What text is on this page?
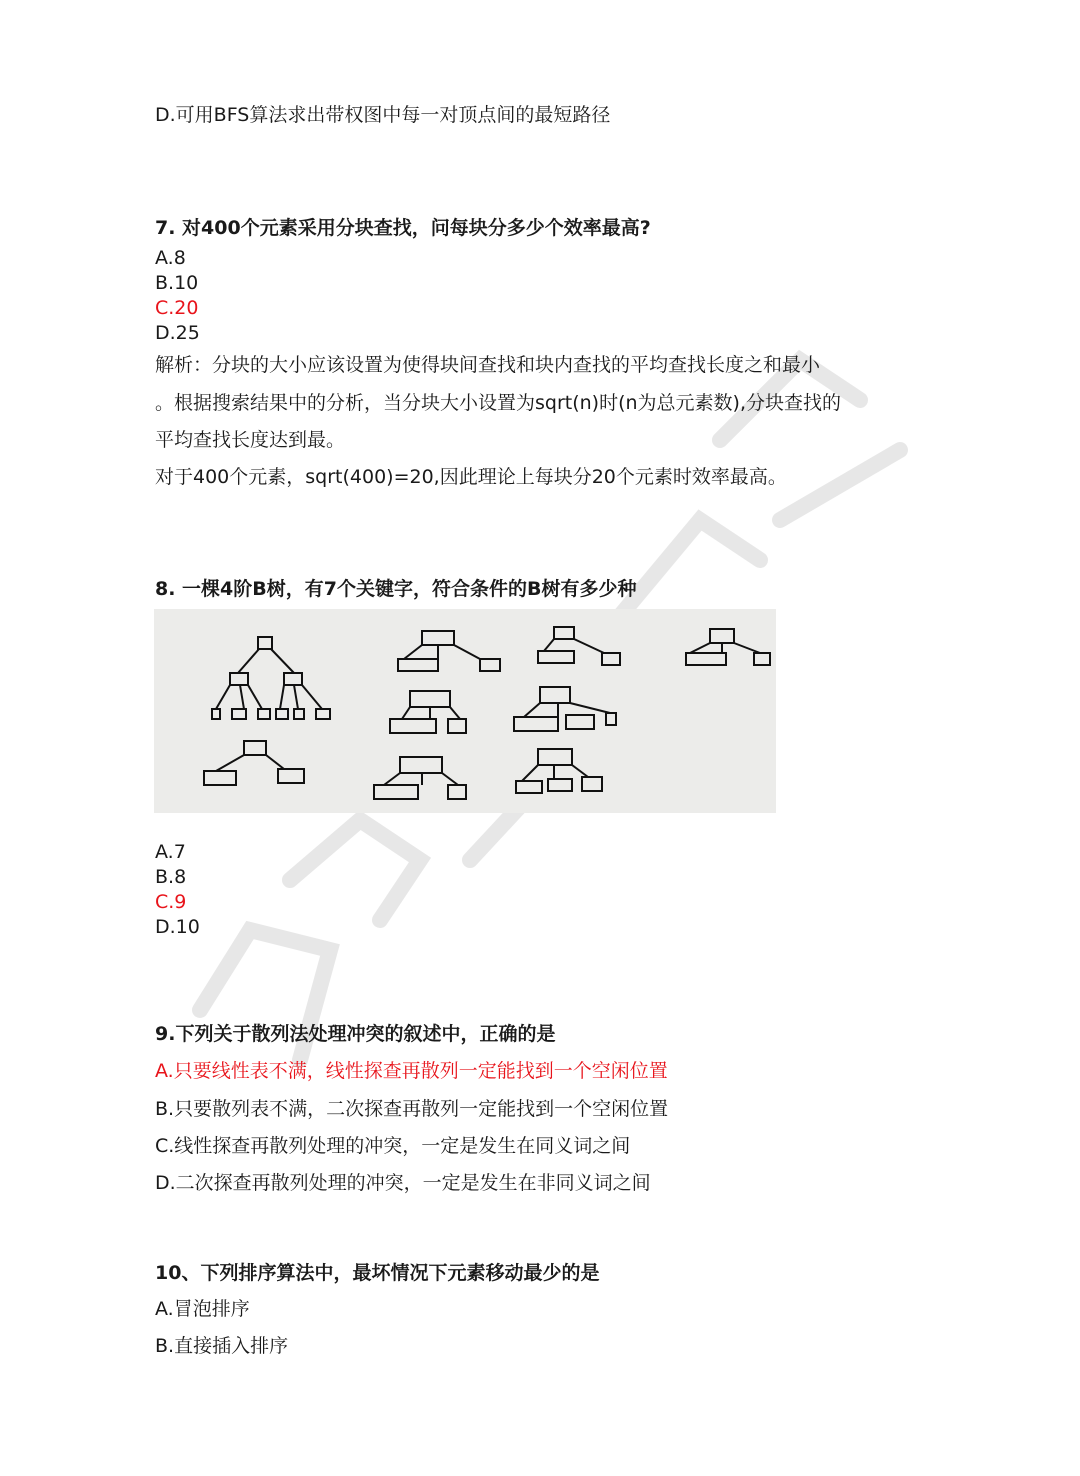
D.可用BFS算法求出带权图中每一对顶点间的最短路径
7. 对400个元素采用分块查找，问每块分多少个效率最高?
A.8
B.10
C.20
D.25
解析：分块的大小应该设置为使得块间查找和块内查找的平均查找长度之和最小
。根据搜索结果中的分析，当分块大小设置为sqrt(n)时(n为总元素数),分块查找的
平均查找长度达到最。
对于400个元素，sqrt(400)=20,因此理论上每块分20个元素时效率最高。
8. 一棵4阶B树，有7个关键字，符合条件的B树有多少种
A.7
B.8
C.9
D.10
9.下列关于散列法处理冲突的叙述中，正确的是
A.只要线性表不满，线性探查再散列一定能找到一个空闲位置
B.只要散列表不满，二次探查再散列一定能找到一个空闲位置
C.线性探查再散列处理的冲突，一定是发生在同义词之间
D.二次探查再散列处理的冲突，一定是发生在非同义词之间
10、下列排序算法中，最坏情况下元素移动最少的是
A.冒泡排序
B.直接插入排序
